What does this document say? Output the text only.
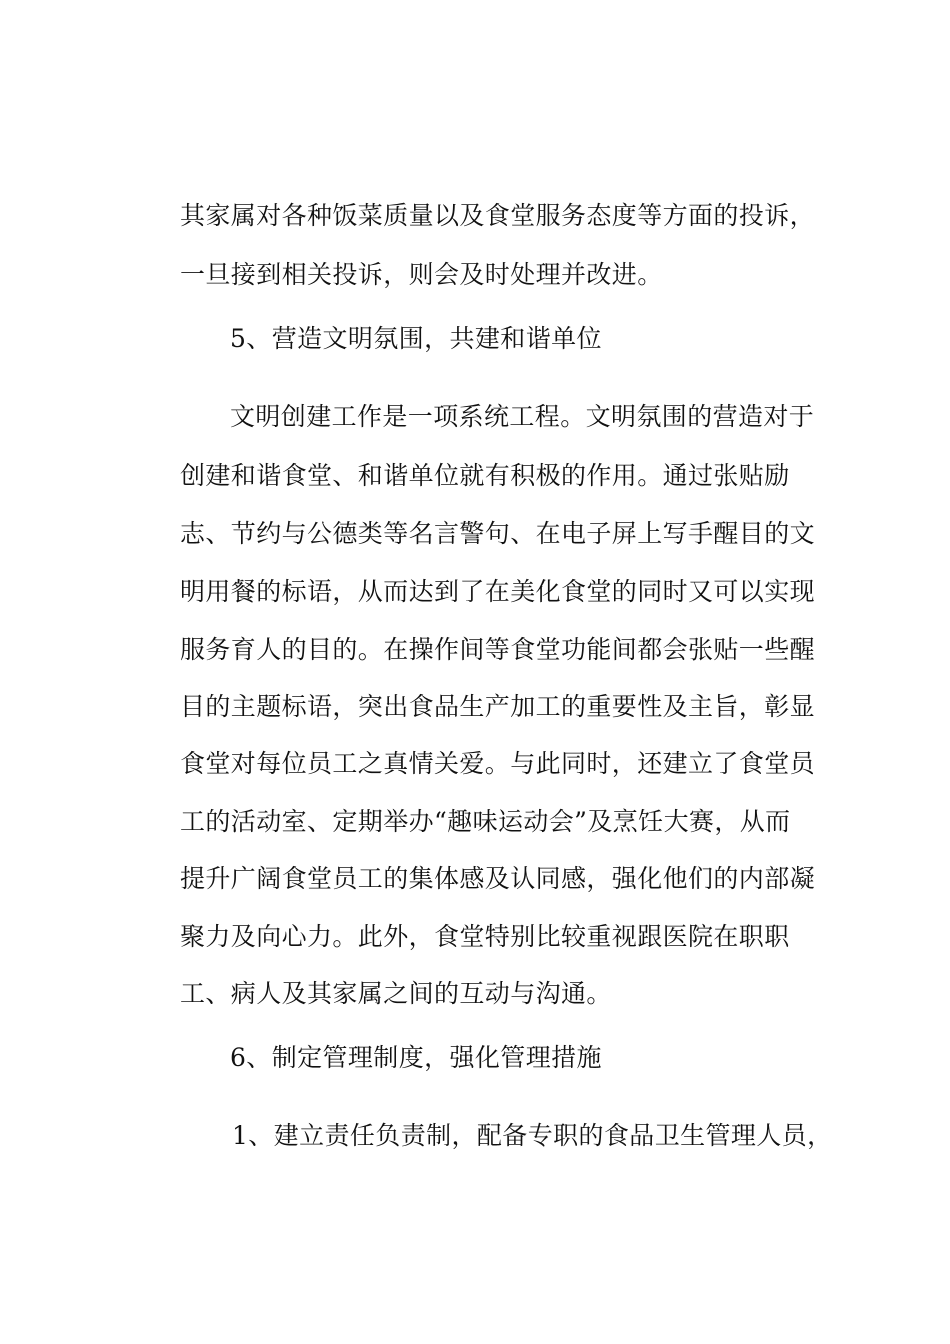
其家属对各种饭菜质量以及食堂服务态度等方面的投诉，

一旦接到相关投诉，则会及时处理并改进。

5、营造文明氛围，共建和谐单位

文明创建工作是一项系统工程。文明氛围的营造对于

创建和谐食堂、和谐单位就有积极的作用。通过张贴励

志、节约与公德类等名言警句、在电子屏上写手醒目的文

明用餐的标语，从而达到了在美化食堂的同时又可以实现

服务育人的目的。在操作间等食堂功能间都会张贴一些醒

目的主题标语，突出食品生产加工的重要性及主旨，彰显

食堂对每位员工之真情关爱。与此同时，还建立了食堂员

工的活动室、定期举办“趣味运动会”及烹饪大赛，从而

提升广阔食堂员工的集体感及认同感，强化他们的内部凝

聚力及向心力。此外，食堂特别比较重视跟医院在职职

工、病人及其家属之间的互动与沟通。

6、制定管理制度，强化管理措施

1、建立责任负责制，配备专职的食品卫生管理人员，
